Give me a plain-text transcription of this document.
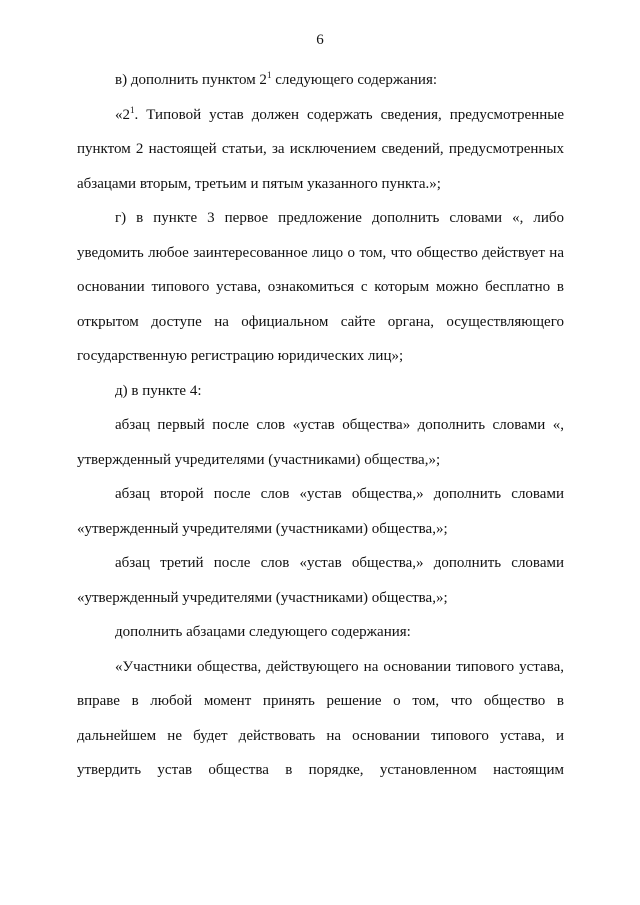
6

в) дополнить пунктом $2^1$ следующего содержания:

«$2^1$. Типовой устав должен содержать сведения, предусмотренные пунктом 2 настоящей статьи, за исключением сведений, предусмотренных абзацами вторым, третьим и пятым указанного пункта.»;

г) в пункте 3 первое предложение дополнить словами «, либо уведомить любое заинтересованное лицо о том, что общество действует на основании типового устава, ознакомиться с которым можно бесплатно в открытом доступе на официальном сайте органа, осуществляющего государственную регистрацию юридических лиц»;

д) в пункте 4:

абзац первый после слов «устав общества» дополнить словами «, утвержденный учредителями (участниками) общества,»;

абзац второй после слов «устав общества,» дополнить словами «утвержденный учредителями (участниками) общества,»;

абзац третий после слов «устав общества,» дополнить словами «утвержденный учредителями (участниками) общества,»;

дополнить абзацами следующего содержания:

«Участники общества, действующего на основании типового устава, вправе в любой момент принять решение о том, что общество в дальнейшем не будет действовать на основании типового устава, и утвердить устав общества в порядке, установленном настоящим
